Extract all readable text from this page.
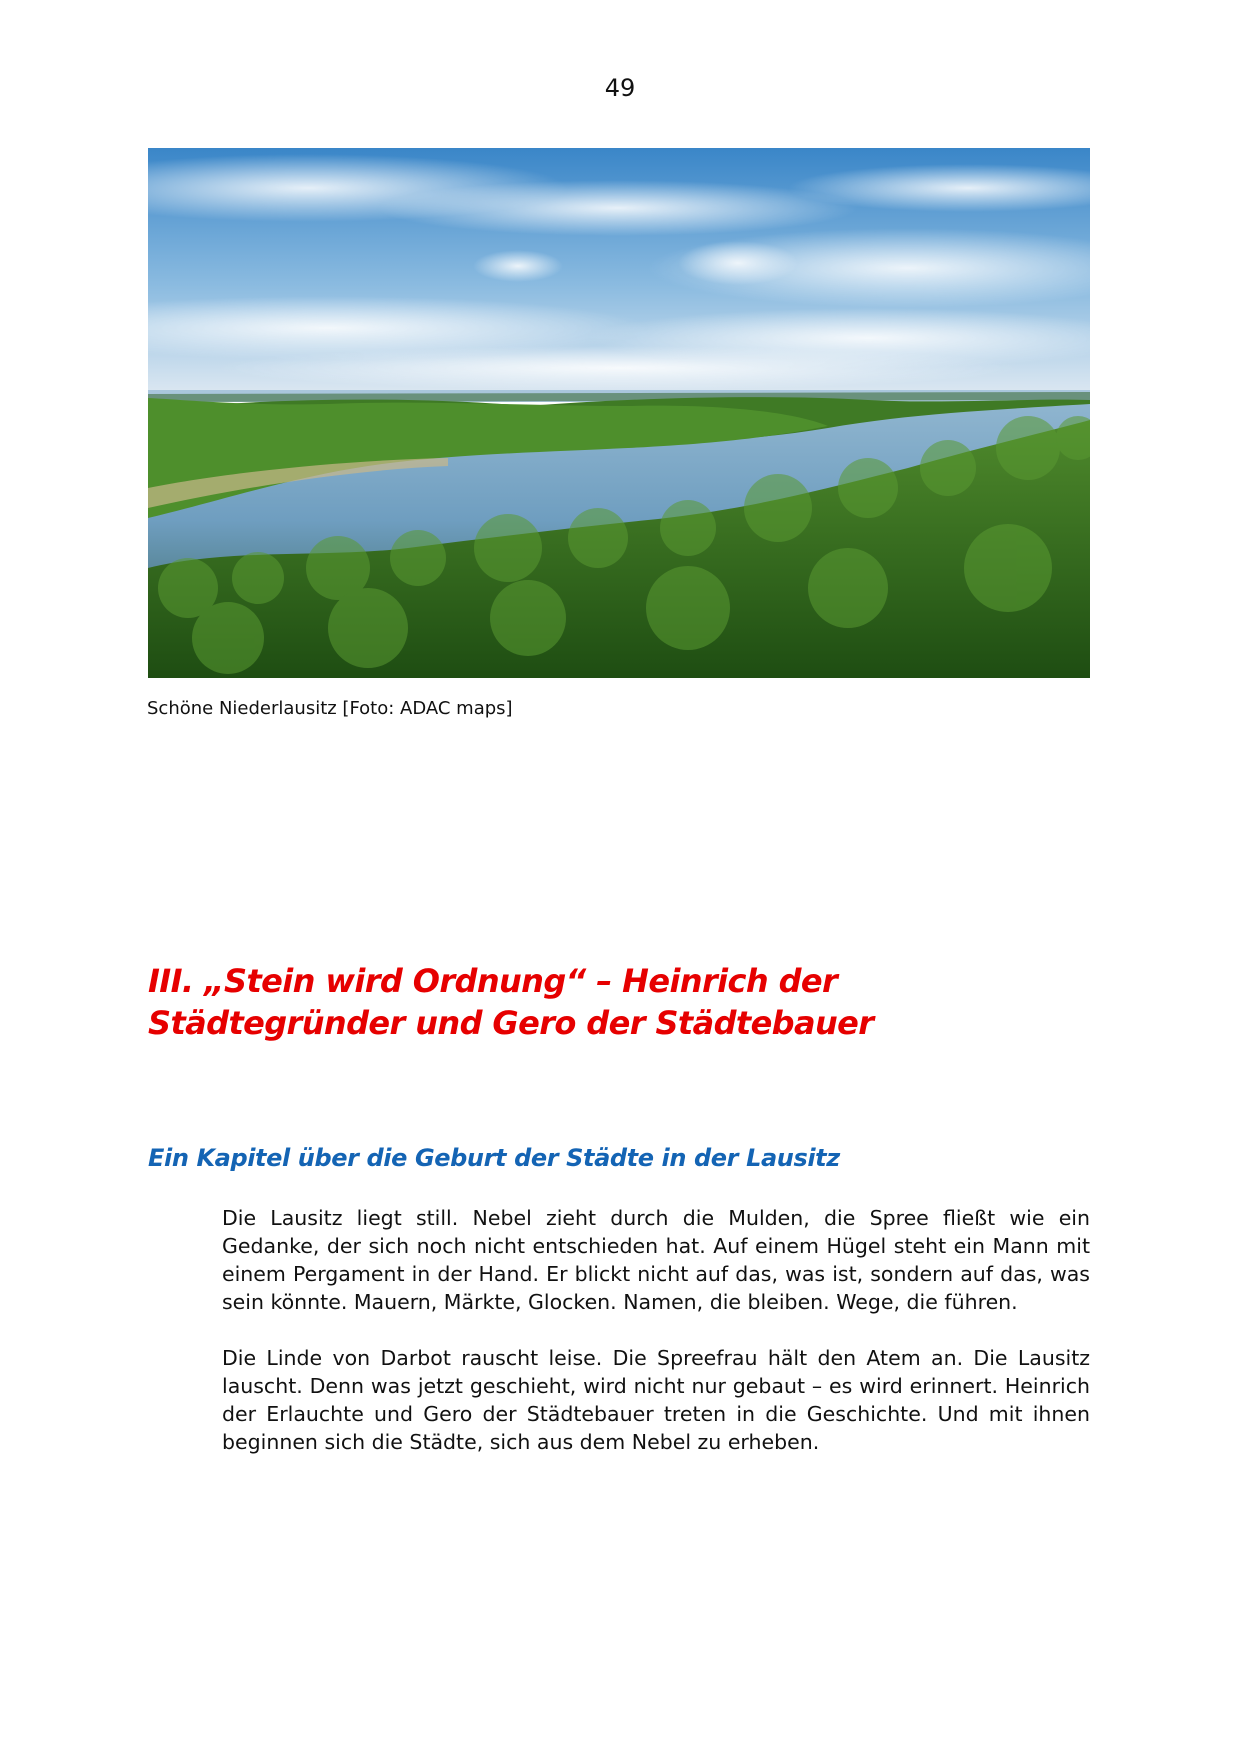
49
Schöne Niederlausitz [Foto: ADAC maps]
III. „Stein wird Ordnung“ – Heinrich der Städtegründer und Gero der Städtebauer
Ein Kapitel über die Geburt der Städte in der Lausitz

Die Lausitz liegt still. Nebel zieht durch die Mulden, die Spree fließt wie ein Gedanke, der sich noch nicht entschieden hat. Auf einem Hügel steht ein Mann mit einem Pergament in der Hand. Er blickt nicht auf das, was ist, sondern auf das, was sein könnte. Mauern, Märkte, Glocken. Namen, die bleiben. Wege, die führen.

Die Linde von Darbot rauscht leise. Die Spreefrau hält den Atem an. Die Lausitz lauscht. Denn was jetzt geschieht, wird nicht nur gebaut – es wird erinnert. Heinrich der Erlauchte und Gero der Städtebauer treten in die Geschichte. Und mit ihnen beginnen sich die Städte, sich aus dem Nebel zu erheben.
